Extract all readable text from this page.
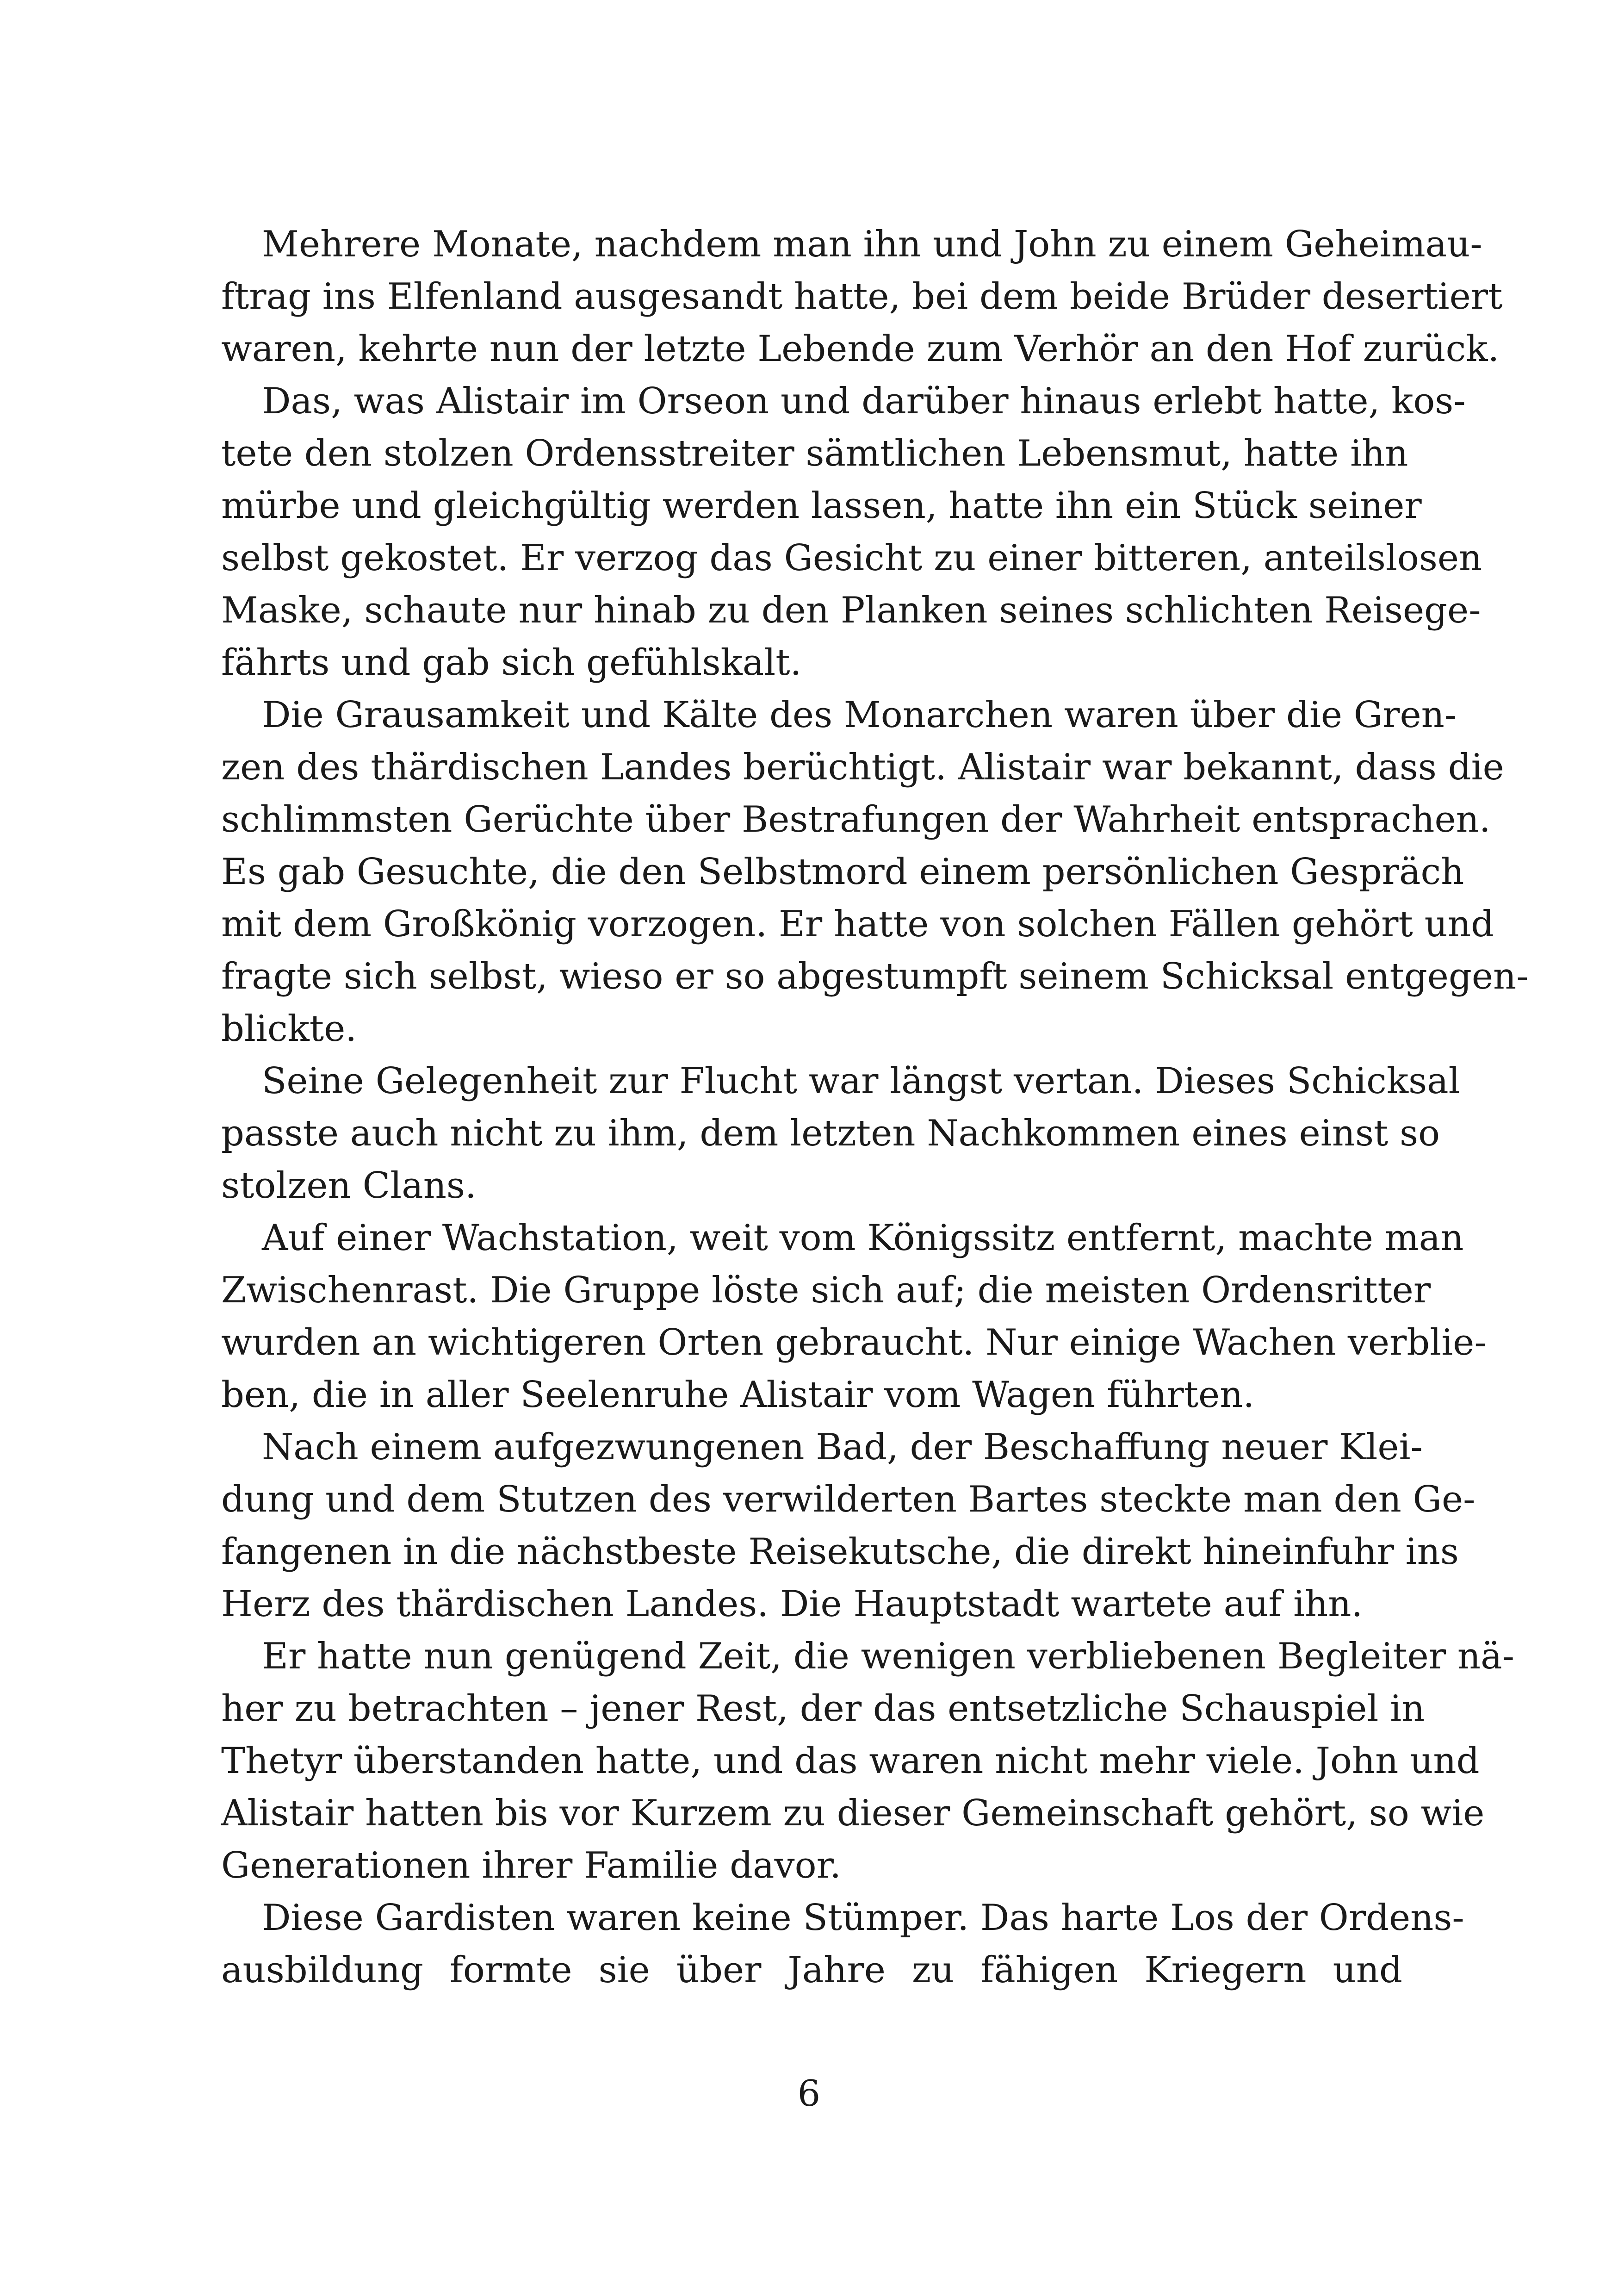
Mehrere Monate, nachdem man ihn und John zu einem Geheimau-
ftrag ins Elfenland ausgesandt hatte, bei dem beide Brüder desertiert
waren, kehrte nun der letzte Lebende zum Verhör an den Hof zurück.
Das, was Alistair im Orseon und darüber hinaus erlebt hatte, kos-
tete den stolzen Ordensstreiter sämtlichen Lebensmut, hatte ihn
mürbe und gleichgültig werden lassen, hatte ihn ein Stück seiner
selbst gekostet. Er verzog das Gesicht zu einer bitteren, anteilslosen
Maske, schaute nur hinab zu den Planken seines schlichten Reisege-
fährts und gab sich gefühlskalt.
Die Grausamkeit und Kälte des Monarchen waren über die Gren-
zen des thärdischen Landes berüchtigt. Alistair war bekannt, dass die
schlimmsten Gerüchte über Bestrafungen der Wahrheit entsprachen.
Es gab Gesuchte, die den Selbstmord einem persönlichen Gespräch
mit dem Großkönig vorzogen. Er hatte von solchen Fällen gehört und
fragte sich selbst, wieso er so abgestumpft seinem Schicksal entgegen-
blickte.
Seine Gelegenheit zur Flucht war längst vertan. Dieses Schicksal
passte auch nicht zu ihm, dem letzten Nachkommen eines einst so
stolzen Clans.
Auf einer Wachstation, weit vom Königssitz entfernt, machte man
Zwischenrast. Die Gruppe löste sich auf; die meisten Ordensritter
wurden an wichtigeren Orten gebraucht. Nur einige Wachen verblie-
ben, die in aller Seelenruhe Alistair vom Wagen führten.
Nach einem aufgezwungenen Bad, der Beschaffung neuer Klei-
dung und dem Stutzen des verwilderten Bartes steckte man den Ge-
fangenen in die nächstbeste Reisekutsche, die direkt hineinfuhr ins
Herz des thärdischen Landes. Die Hauptstadt wartete auf ihn.
Er hatte nun genügend Zeit, die wenigen verbliebenen Begleiter nä-
her zu betrachten – jener Rest, der das entsetzliche Schauspiel in
Thetyr überstanden hatte, und das waren nicht mehr viele. John und
Alistair hatten bis vor Kurzem zu dieser Gemeinschaft gehört, so wie
Generationen ihrer Familie davor.
Diese Gardisten waren keine Stümper. Das harte Los der Ordens-
ausbildung formte sie über Jahre zu fähigen Kriegern und
6
